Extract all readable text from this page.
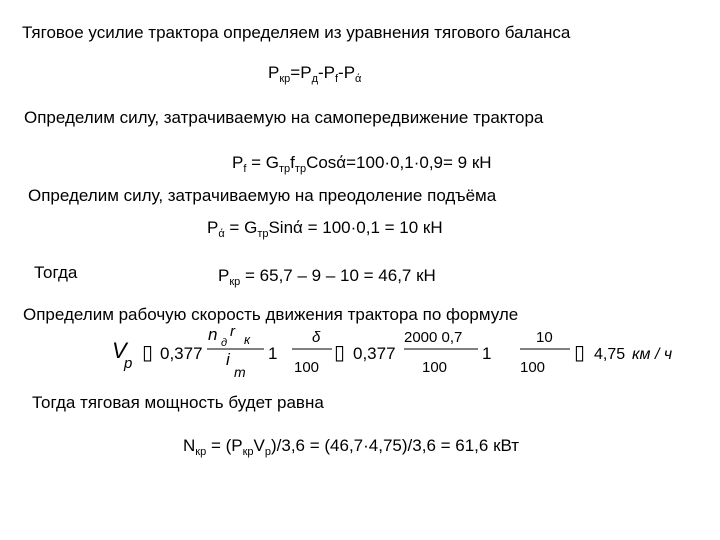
Тяговое усилие трактора определяем из уравнения тягового баланса
$P_{кр}=P_д-P_f-P_ά$
Определим силу, затрачиваемую на самопередвижение трактора
$P_f = G_{тр}f_{тр}Cosά=100\cdot 0,1\cdot 0,9= 9$ кН
Определим силу, затрачиваемую на преодоление подъёма
$P_ά = G_{тр}Sinά = 100\cdot 0,1 = 10$ кН
Тогда	$P_{кр} = 65,7 - 9 - 10 = 46,7$ кН
Определим рабочую скорость движения трактора по формуле
V
р ▯ 0,377
n д
r к
i
т
1
δ
100
▯ 0,377
2000 0,7
100
1
10
100
▯ 4,75 км / ч
Тогда тяговая мощность будет равна
$N_{кр} = (P_{кр}V_р)/3,6 = (46,7\cdot 4,75)/3,6 = 61,6$ кВт
